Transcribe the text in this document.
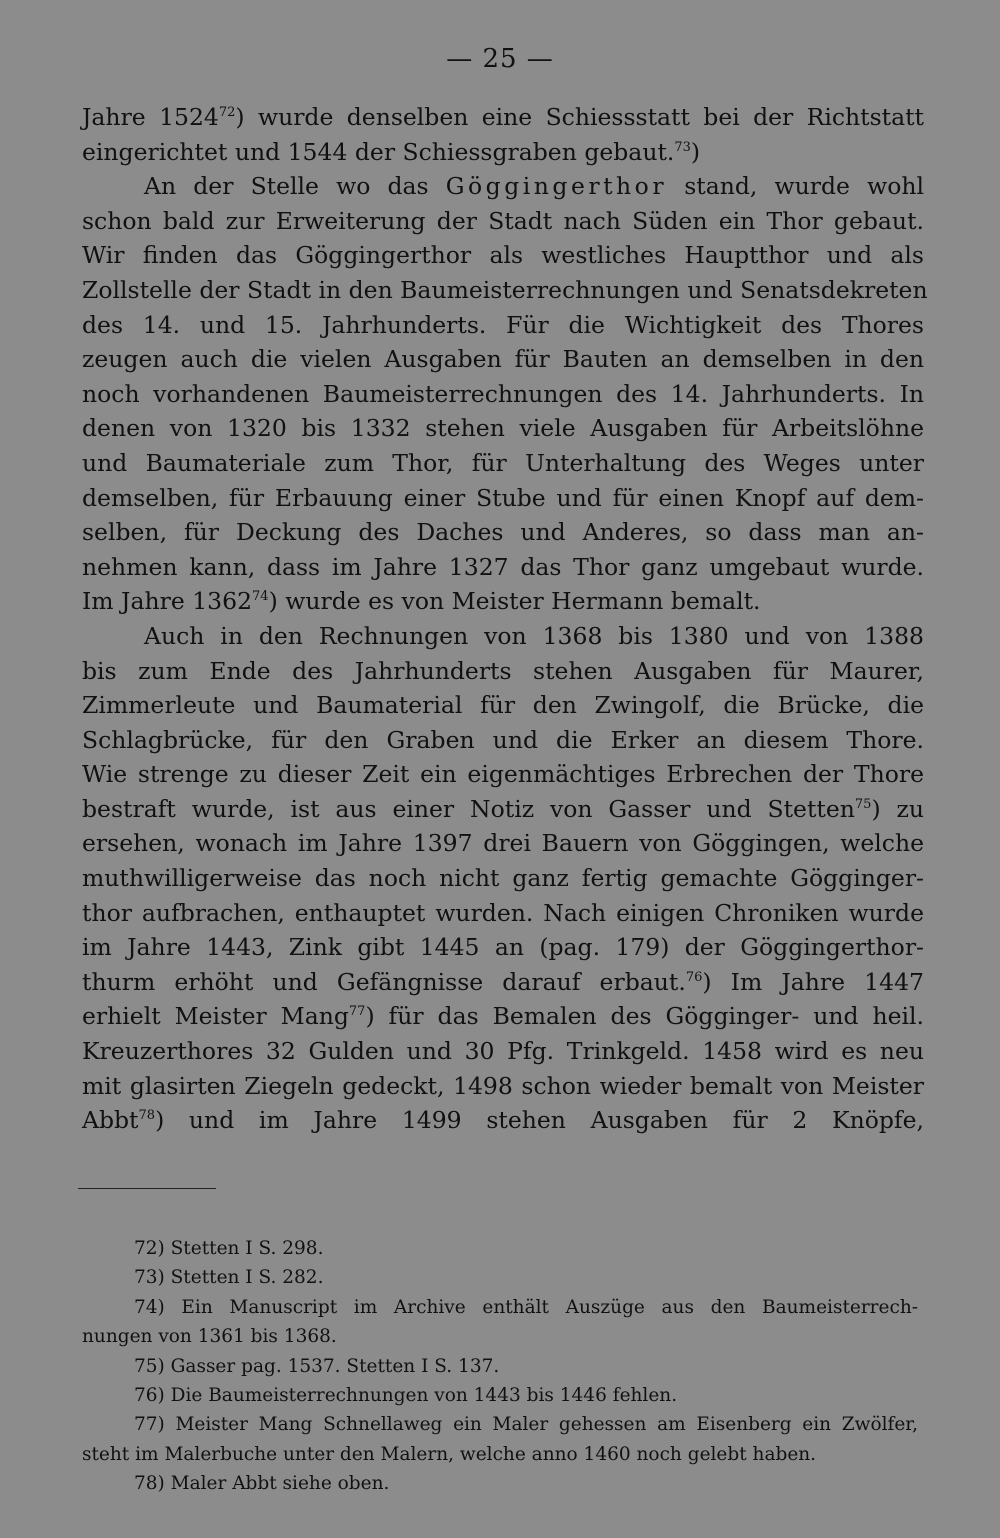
— 25 —
Jahre 1524$^{72}$) wurde denselben eine Schiessstatt bei der Richtstatt
eingerichtet und 1544 der Schiessgraben gebaut.$^{73}$)
An der Stelle wo das Göggingerthor stand, wurde wohl
schon bald zur Erweiterung der Stadt nach Süden ein Thor gebaut.
Wir finden das Göggingerthor als westliches Hauptthor und als
Zollstelle der Stadt in den Baumeisterrechnungen und Senatsdekreten
des 14. und 15. Jahrhunderts. Für die Wichtigkeit des Thores
zeugen auch die vielen Ausgaben für Bauten an demselben in den
noch vorhandenen Baumeisterrechnungen des 14. Jahrhunderts. In
denen von 1320 bis 1332 stehen viele Ausgaben für Arbeitslöhne
und Baumateriale zum Thor, für Unterhaltung des Weges unter
demselben, für Erbauung einer Stube und für einen Knopf auf dem-
selben, für Deckung des Daches und Anderes, so dass man an-
nehmen kann, dass im Jahre 1327 das Thor ganz umgebaut wurde.
Im Jahre 1362$^{74}$) wurde es von Meister Hermann bemalt.
Auch in den Rechnungen von 1368 bis 1380 und von 1388
bis zum Ende des Jahrhunderts stehen Ausgaben für Maurer,
Zimmerleute und Baumaterial für den Zwingolf, die Brücke, die
Schlagbrücke, für den Graben und die Erker an diesem Thore.
Wie strenge zu dieser Zeit ein eigenmächtiges Erbrechen der Thore
bestraft wurde, ist aus einer Notiz von Gasser und Stetten$^{75}$) zu
ersehen, wonach im Jahre 1397 drei Bauern von Göggingen, welche
muthwilligerweise das noch nicht ganz fertig gemachte Gögginger-
thor aufbrachen, enthauptet wurden. Nach einigen Chroniken wurde
im Jahre 1443, Zink gibt 1445 an (pag. 179) der Göggingerthor-
thurm erhöht und Gefängnisse darauf erbaut.$^{76}$) Im Jahre 1447
erhielt Meister Mang$^{77}$) für das Bemalen des Gögginger- und heil.
Kreuzerthores 32 Gulden und 30 Pfg. Trinkgeld. 1458 wird es neu
mit glasirten Ziegeln gedeckt, 1498 schon wieder bemalt von Meister
Abbt$^{78}$) und im Jahre 1499 stehen Ausgaben für 2 Knöpfe,
72) Stetten I S. 298.
73) Stetten I S. 282.
74) Ein Manuscript im Archive enthält Auszüge aus den Baumeisterrech-
nungen von 1361 bis 1368.
75) Gasser pag. 1537. Stetten I S. 137.
76) Die Baumeisterrechnungen von 1443 bis 1446 fehlen.
77) Meister Mang Schnellaweg ein Maler gehessen am Eisenberg ein Zwölfer,
steht im Malerbuche unter den Malern, welche anno 1460 noch gelebt haben.
78) Maler Abbt siehe oben.
